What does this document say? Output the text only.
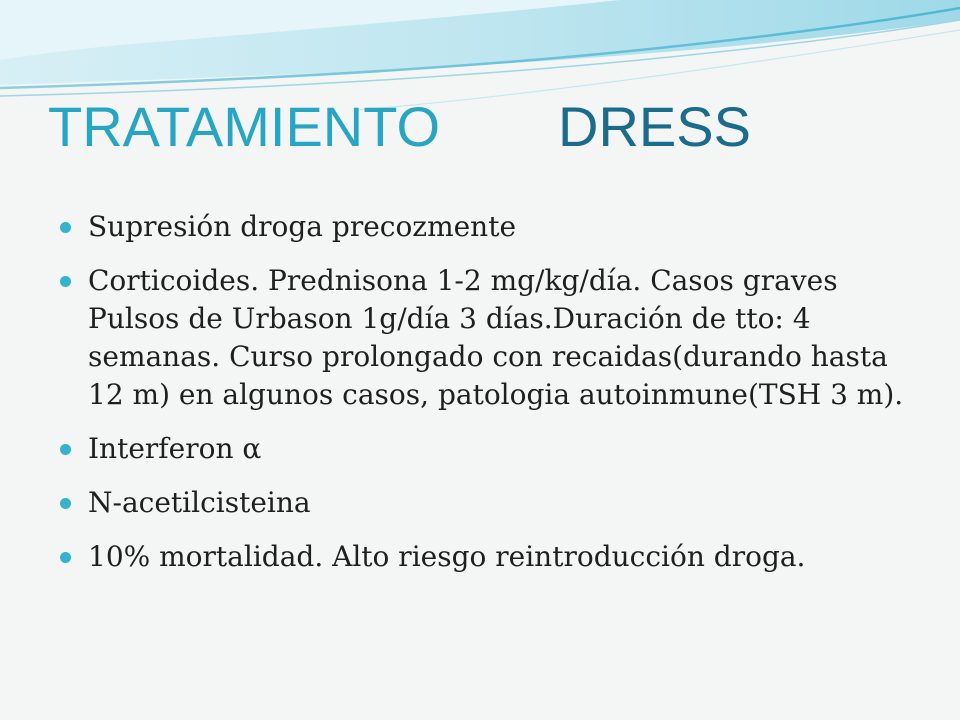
TRATAMIENTO DRESS
Supresión droga precozmente
Corticoides. Prednisona 1-2 mg/kg/día. Casos graves Pulsos de Urbason 1g/día 3 días.Duración de tto: 4 semanas. Curso prolongado con recaidas(durando hasta 12 m) en algunos casos, patologia autoinmune(TSH 3 m).
Interferon α
N-acetilcisteina
10% mortalidad. Alto riesgo reintroducción droga.
